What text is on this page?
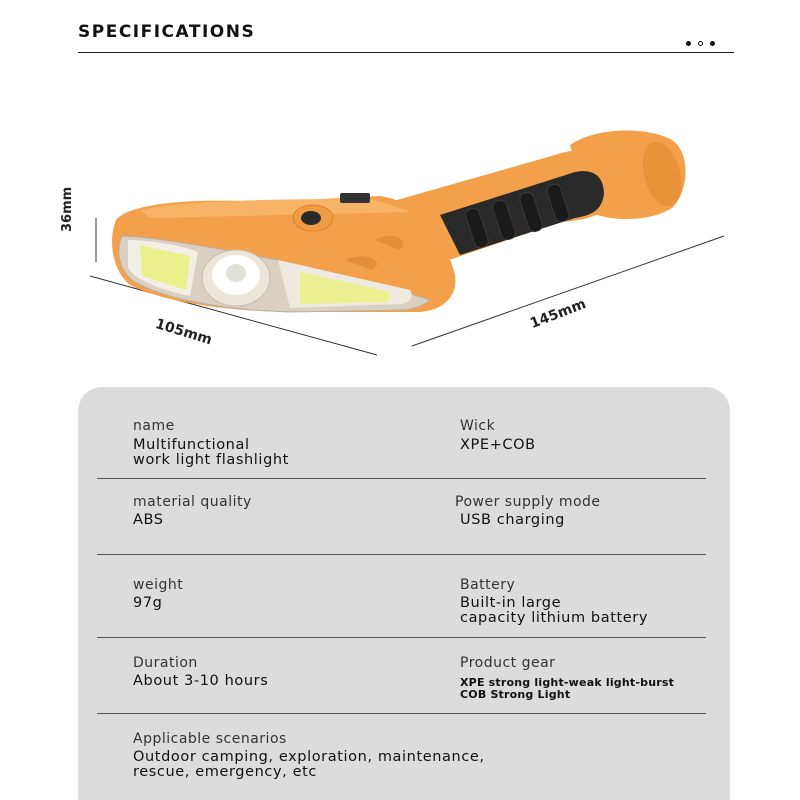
SPECIFICATIONS
36mm
105mm
145mm
name
Multifunctional
work light flashlight
Wick
XPE+COB
material quality
ABS
Power supply mode
USB charging
weight
97g
Battery
Built-in large
capacity lithium battery
Duration
About 3-10 hours
Product gear
XPE strong light-weak light-burst
COB Strong Light
Applicable scenarios
Outdoor camping, exploration, maintenance,
rescue, emergency, etc
